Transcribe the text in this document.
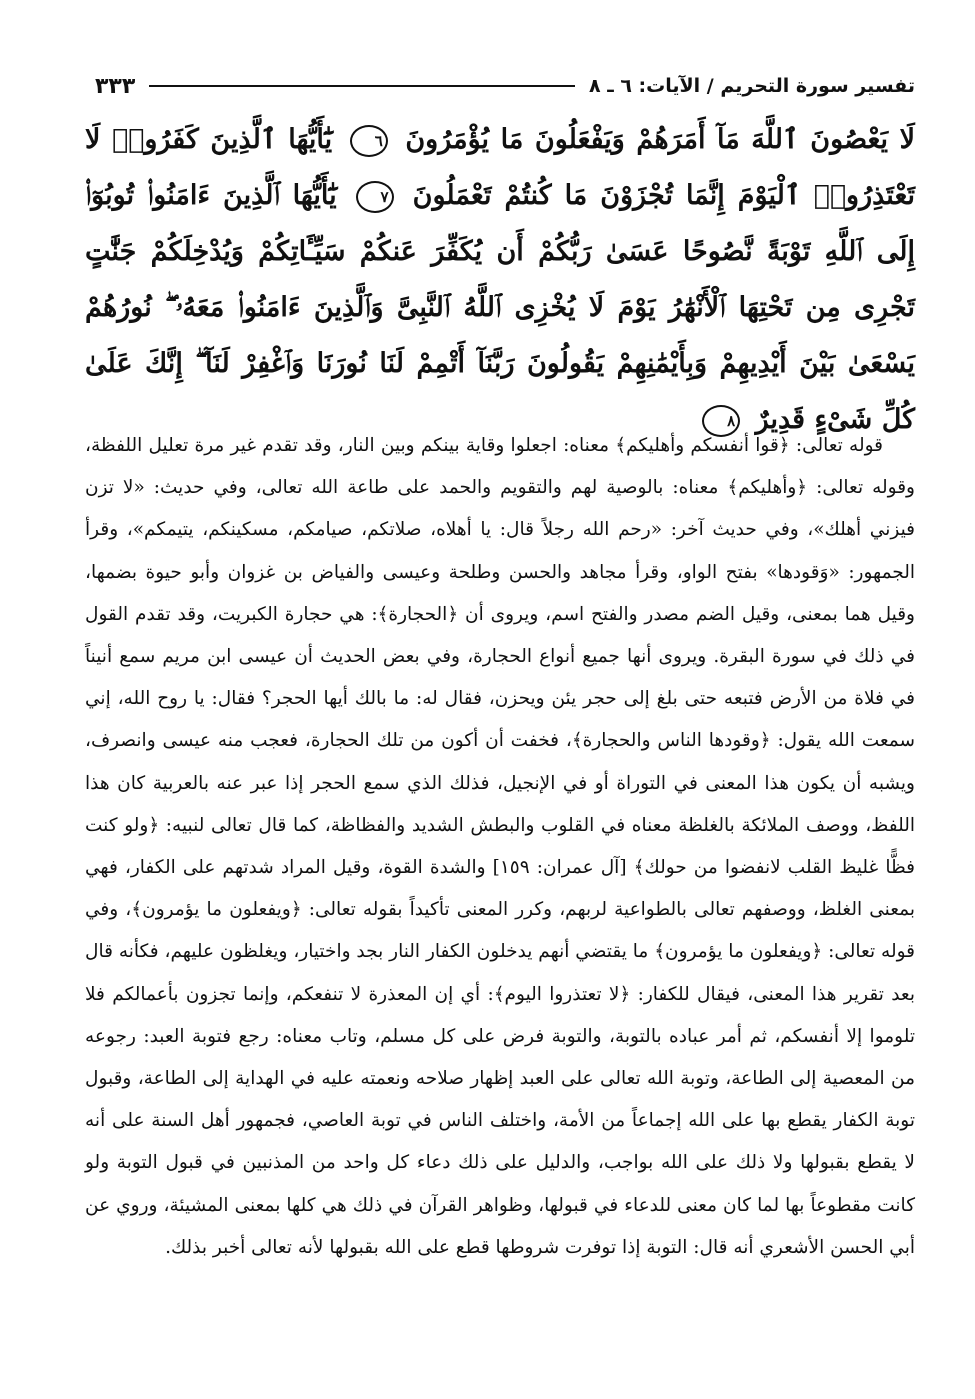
تفسير سورة التحريم / الآيات: ٦ ـ ٨
٣٣٣
لَا يَعْصُونَ ٱللَّهَ مَآ أَمَرَهُمْ وَيَفْعَلُونَ مَا يُؤْمَرُونَ ٦ يَٰٓأَيُّهَا ٱلَّذِينَ كَفَرُوا۟ لَا تَعْتَذِرُوا۟ ٱلْيَوْمَ إِنَّمَا تُجْزَوْنَ مَا كُنتُمْ تَعْمَلُونَ ٧ يَٰٓأَيُّهَا ٱلَّذِينَ ءَامَنُوا۟ تُوبُوٓا۟ إِلَى ٱللَّهِ تَوْبَةً نَّصُوحًا عَسَىٰ رَبُّكُمْ أَن يُكَفِّرَ عَنكُمْ سَيِّـَٔاتِكُمْ وَيُدْخِلَكُمْ جَنَّٰتٍ تَجْرِى مِن تَحْتِهَا ٱلْأَنْهَٰرُ يَوْمَ لَا يُخْزِى ٱللَّهُ ٱلنَّبِىَّ وَٱلَّذِينَ ءَامَنُوا۟ مَعَهُۥ ۖ نُورُهُمْ يَسْعَىٰ بَيْنَ أَيْدِيهِمْ وَبِأَيْمَٰنِهِمْ يَقُولُونَ رَبَّنَآ أَتْمِمْ لَنَا نُورَنَا وَٱغْفِرْ لَنَآ ۖ إِنَّكَ عَلَىٰ كُلِّ شَىْءٍ قَدِيرٌ ٨

قوله تعالى: ﴿قوا أنفسكم وأهليكم﴾ معناه: اجعلوا وقاية بينكم وبين النار، وقد تقدم غير مرة تعليل اللفظة، وقوله تعالى: ﴿وأهليكم﴾ معناه: بالوصية لهم والتقويم والحمد على طاعة الله تعالى، وفي حديث: «لا تزن فيزني أهلك»، وفي حديث آخر: «رحم الله رجلاً قال: يا أهلاه، صلاتكم، صيامكم، مسكينكم، يتيمكم»، وقرأ الجمهور: «وَقودها» بفتح الواو، وقرأ مجاهد والحسن وطلحة وعيسى والفياض بن غزوان وأبو حيوة بضمها، وقيل هما بمعنى، وقيل الضم مصدر والفتح اسم، ويروى أن ﴿الحجارة﴾: هي حجارة الكبريت، وقد تقدم القول في ذلك في سورة البقرة. ويروى أنها جميع أنواع الحجارة، وفي بعض الحديث أن عيسى ابن مريم سمع أنيناً في فلاة من الأرض فتبعه حتى بلغ إلى حجر يئن ويحزن، فقال له: ما بالك أيها الحجر؟ فقال: يا روح الله، إني سمعت الله يقول: ﴿وقودها الناس والحجارة﴾، فخفت أن أكون من تلك الحجارة، فعجب منه عيسى وانصرف، ويشبه أن يكون هذا المعنى في التوراة أو في الإنجيل، فذلك الذي سمع الحجر إذا عبر عنه بالعربية كان هذا اللفظ، ووصف الملائكة بالغلظة معناه في القلوب والبطش الشديد والفظاظة، كما قال تعالى لنبيه: ﴿ولو كنت فظًّا غليظ القلب لانفضوا من حولك﴾ [آل عمران: ١٥٩] والشدة القوة، وقيل المراد شدتهم على الكفار، فهي بمعنى الغلظ، ووصفهم تعالى بالطواعية لربهم، وكرر المعنى تأكيداً بقوله تعالى: ﴿ويفعلون ما يؤمرون﴾، وفي قوله تعالى: ﴿ويفعلون ما يؤمرون﴾ ما يقتضي أنهم يدخلون الكفار النار بجد واختيار، ويغلظون عليهم، فكأنه قال بعد تقرير هذا المعنى، فيقال للكفار: ﴿لا تعتذروا اليوم﴾: أي إن المعذرة لا تنفعكم، وإنما تجزون بأعمالكم فلا تلوموا إلا أنفسكم، ثم أمر عباده بالتوبة، والتوبة فرض على كل مسلم، وتاب معناه: رجع فتوبة العبد: رجوعه من المعصية إلى الطاعة، وتوبة الله تعالى على العبد إظهار صلاحه ونعمته عليه في الهداية إلى الطاعة، وقبول توبة الكفار يقطع بها على الله إجماعاً من الأمة، واختلف الناس في توبة العاصي، فجمهور أهل السنة على أنه لا يقطع بقبولها ولا ذلك على الله بواجب، والدليل على ذلك دعاء كل واحد من المذنبين في قبول التوبة ولو كانت مقطوعاً بها لما كان معنى للدعاء في قبولها، وظواهر القرآن في ذلك هي كلها بمعنى المشيئة، وروي عن أبي الحسن الأشعري أنه قال: التوبة إذا توفرت شروطها قطع على الله بقبولها لأنه تعالى أخبر بذلك.
